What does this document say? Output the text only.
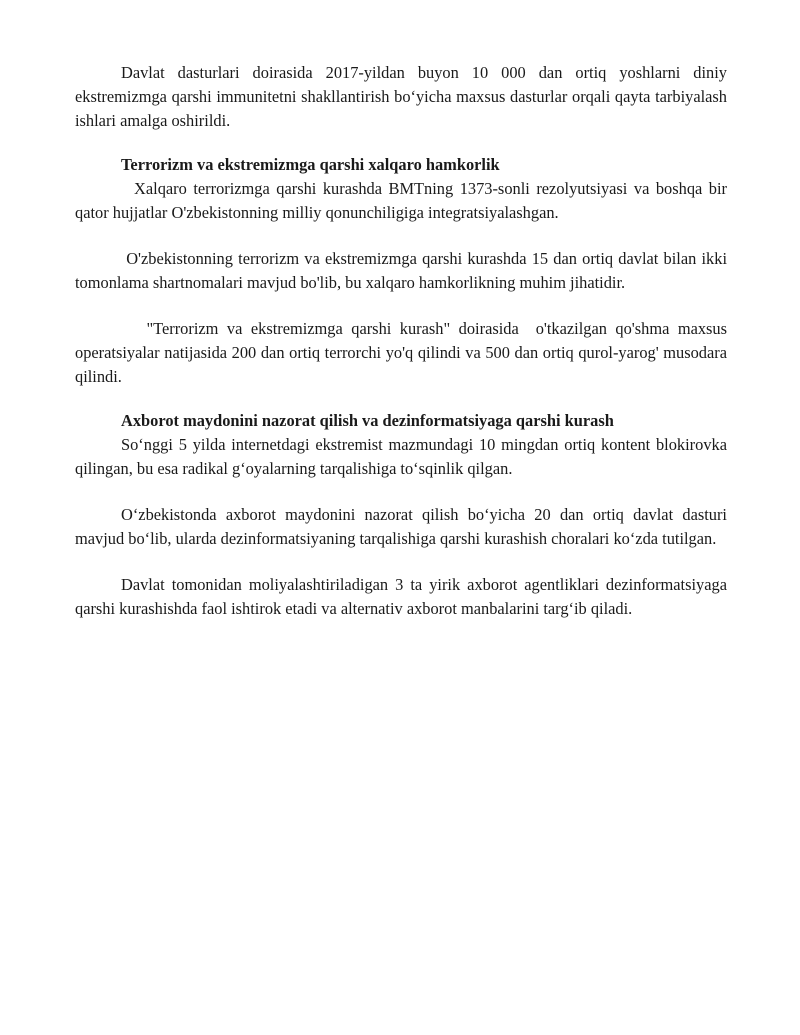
Davlat dasturlari doirasida 2017-yildan buyon 10 000 dan ortiq yoshlarni diniy ekstremizmga qarshi immunitetni shakllantirish bo‘yicha maxsus dasturlar orqali qayta tarbiyalash ishlari amalga oshirildi.

Terrorizm va ekstremizmga qarshi xalqaro hamkorlik

Xalqaro terrorizmga qarshi kurashda BMTning 1373-sonli rezolyutsiyasi va boshqa bir qator hujjatlar O'zbekistonning milliy qonunchiligiga integratsiyalashgan.

O'zbekistonning terrorizm va ekstremizmga qarshi kurashda 15 dan ortiq davlat bilan ikki tomonlama shartnomalari mavjud bo'lib, bu xalqaro hamkorlikning muhim jihatidir.

"Terrorizm va ekstremizmga qarshi kurash" doirasida  o'tkazilgan qo'shma maxsus operatsiyalar natijasida 200 dan ortiq terrorchi yo'q qilindi va 500 dan ortiq qurol-yarog' musodara qilindi.

Axborot maydonini nazorat qilish va dezinformatsiyaga qarshi kurash

So‘nggi 5 yilda internetdagi ekstremist mazmundagi 10 mingdan ortiq kontent blokirovka qilingan, bu esa radikal g‘oyalarning tarqalishiga to‘sqinlik qilgan.

O‘zbekistonda axborot maydonini nazorat qilish bo‘yicha 20 dan ortiq davlat dasturi mavjud bo‘lib, ularda dezinformatsiyaning tarqalishiga qarshi kurashish choralari ko‘zda tutilgan.

Davlat tomonidan moliyalashtiriladigan 3 ta yirik axborot agentliklari dezinformatsiyaga qarshi kurashishda faol ishtirok etadi va alternativ axborot manbalarini targ‘ib qiladi.
